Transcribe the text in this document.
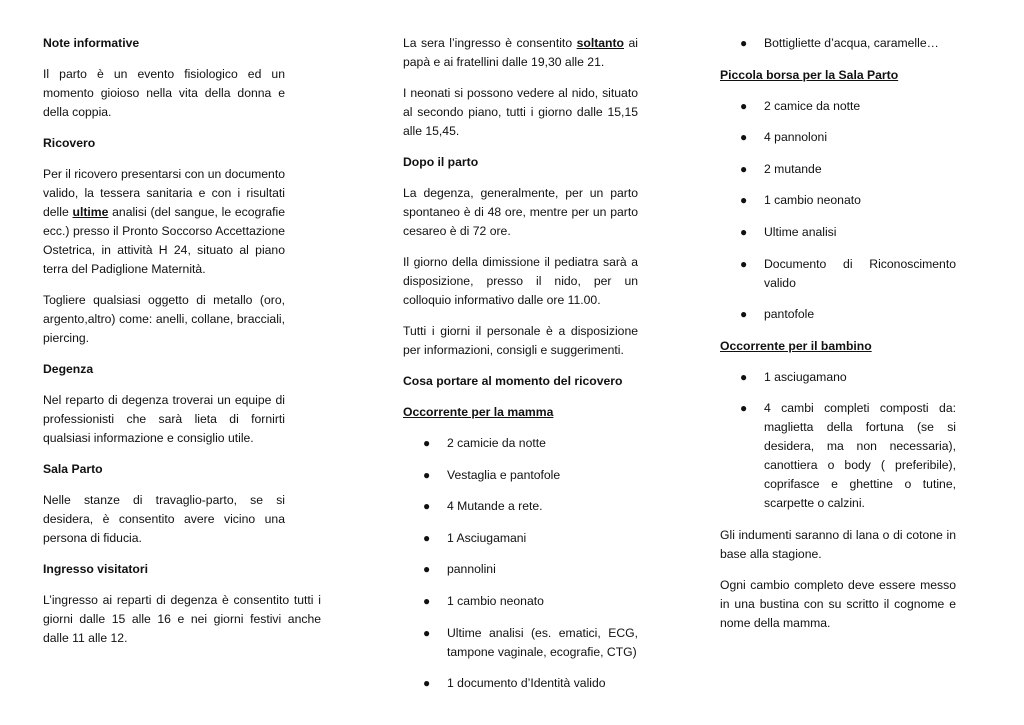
Note informative

Il parto è un evento fisiologico ed un momento gioioso nella vita della donna e della coppia.

Ricovero

Per il ricovero presentarsi con un documento valido, la tessera sanitaria e con i risultati delle ultime analisi (del sangue, le ecografie ecc.) presso il Pronto Soccorso Accettazione Ostetrica, in attività H 24, situato al piano terra del Padiglione Maternità.

Togliere qualsiasi oggetto di metallo (oro, argento,altro) come: anelli, collane, bracciali, piercing.

Degenza

Nel reparto di degenza troverai un equipe di professionisti che sarà lieta di fornirti qualsiasi informazione e consiglio utile.

Sala Parto

Nelle stanze di travaglio-parto, se si desidera, è consentito avere vicino una persona di fiducia.

Ingresso visitatori

L’ingresso ai reparti di degenza è consentito tutti i giorni dalle 15 alle 16 e nei giorni festivi anche dalle 11 alle 12.

La sera l’ingresso è consentito soltanto ai papà e ai fratellini dalle 19,30 alle 21.

I neonati si possono vedere al nido, situato al secondo piano, tutti i giorno dalle 15,15 alle 15,45.

Dopo il parto

La degenza, generalmente, per un parto spontaneo è di 48 ore, mentre per un parto cesareo è di 72 ore.

Il giorno della dimissione il pediatra sarà a disposizione, presso il nido, per un colloquio informativo dalle ore 11.00.

Tutti i giorni il personale è a disposizione per informazioni, consigli e suggerimenti.

Cosa portare al momento del ricovero

Occorrente per la mamma

● 2 camicie da notte
● Vestaglia e pantofole
● 4 Mutande a rete.
● 1 Asciugamani
● pannolini
● 1 cambio neonato
● Ultime analisi (es. ematici, ECG, tampone vaginale, ecografie, CTG)
● 1 documento d’Identità valido
● Bottigliette d’acqua, caramelle…

Piccola borsa per la Sala Parto

● 2 camice da notte
● 4 pannoloni
● 2 mutande
● 1 cambio neonato
● Ultime analisi
● Documento di Riconoscimento valido
● pantofole

Occorrente per il bambino

● 1 asciugamano
● 4 cambi completi composti da: maglietta della fortuna (se si desidera, ma non necessaria), canottiera o body ( preferibile), coprifasce e ghettine o tutine, scarpette o calzini.

Gli indumenti saranno di lana o di cotone in base alla stagione.

Ogni cambio completo deve essere messo in una bustina con su scritto il cognome e nome della mamma.
